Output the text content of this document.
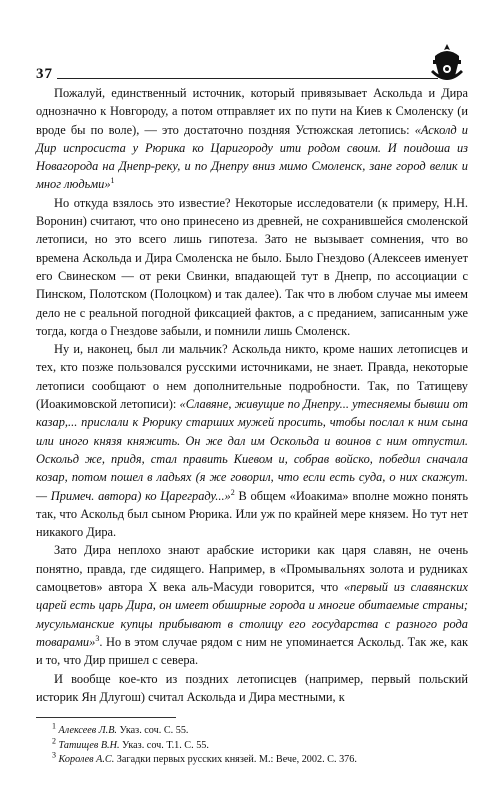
37

Пожалуй, единственный источник, который привязывает Аскольда и Дира однозначно к Новгороду, а потом отправляет их по пути на Киев к Смоленску (и вроде бы по воле), — это достаточно поздняя Устюжская летопись: «Асколд и Дир испросиста у Рюрика ко Царигороду ити родом своим. И поидоша из Новагорода на Днепр-реку, и по Днепру вниз мимо Смоленск, зане город велик и мног людьми»$^1$

Но откуда взялось это известие? Некоторые исследователи (к примеру, Н.Н. Воронин) считают, что оно принесено из древней, не сохранившейся смоленской летописи, но это всего лишь гипотеза. Зато не вызывает сомнения, что во времена Аскольда и Дира Смоленска не было. Было Гнездово (Алексеев именует его Свинеском — от реки Свинки, впадающей тут в Днепр, по ассоциации с Пинском, Полотском (Полоцком) и так далее). Так что в любом случае мы имеем дело не с реальной погодной фиксацией фактов, а с преданием, записанным уже тогда, когда о Гнездове забыли, и помнили лишь Смоленск.

Ну и, наконец, был ли мальчик? Аскольда никто, кроме наших летописцев и тех, кто позже пользовался русскими источниками, не знает. Правда, некоторые летописи сообщают о нем дополнительные подробности. Так, по Татищеву (Иоакимовской летописи): «Славяне, живущие по Днепру... утесняемы бывши от казар,... прислали к Рюрику старших мужей просить, чтобы послал к ним сына или иного князя княжить. Он же дал им Оскольда и воинов с ним отпустил. Оскольд же, придя, стал править Киевом и, собрав войско, победил сначала козар, потом пошел в ладьях (я же говорил, что если есть суда, о них скажут. — Примеч. автора) ко Цареграду...»$^2$ В общем «Иоакима» вполне можно понять так, что Аскольд был сыном Рюрика. Или уж по крайней мере князем. Но тут нет никакого Дира.

Зато Дира неплохо знают арабские историки как царя славян, не очень понятно, правда, где сидящего. Например, в «Промывальнях золота и рудниках самоцветов» автора X века аль-Масуди говорится, что «первый из славянских царей есть царь Дира, он имеет обширные города и многие обитаемые страны; мусульманские купцы прибывают в столицу его государства с разного рода товарами»$^3$. Но в этом случае рядом с ним не упоминается Аскольд. Так же, как и то, что Дир пришел с севера.

И вообще кое-кто из поздних летописцев (например, первый польский историк Ян Длугош) считал Аскольда и Дира местными, к

$^1$ Алексеев Л.В. Указ. соч. С. 55.
$^2$ Татищев В.Н. Указ. соч. Т.1. С. 55.
$^3$ Королев А.С. Загадки первых русских князей. М.: Вече, 2002. С. 376.
